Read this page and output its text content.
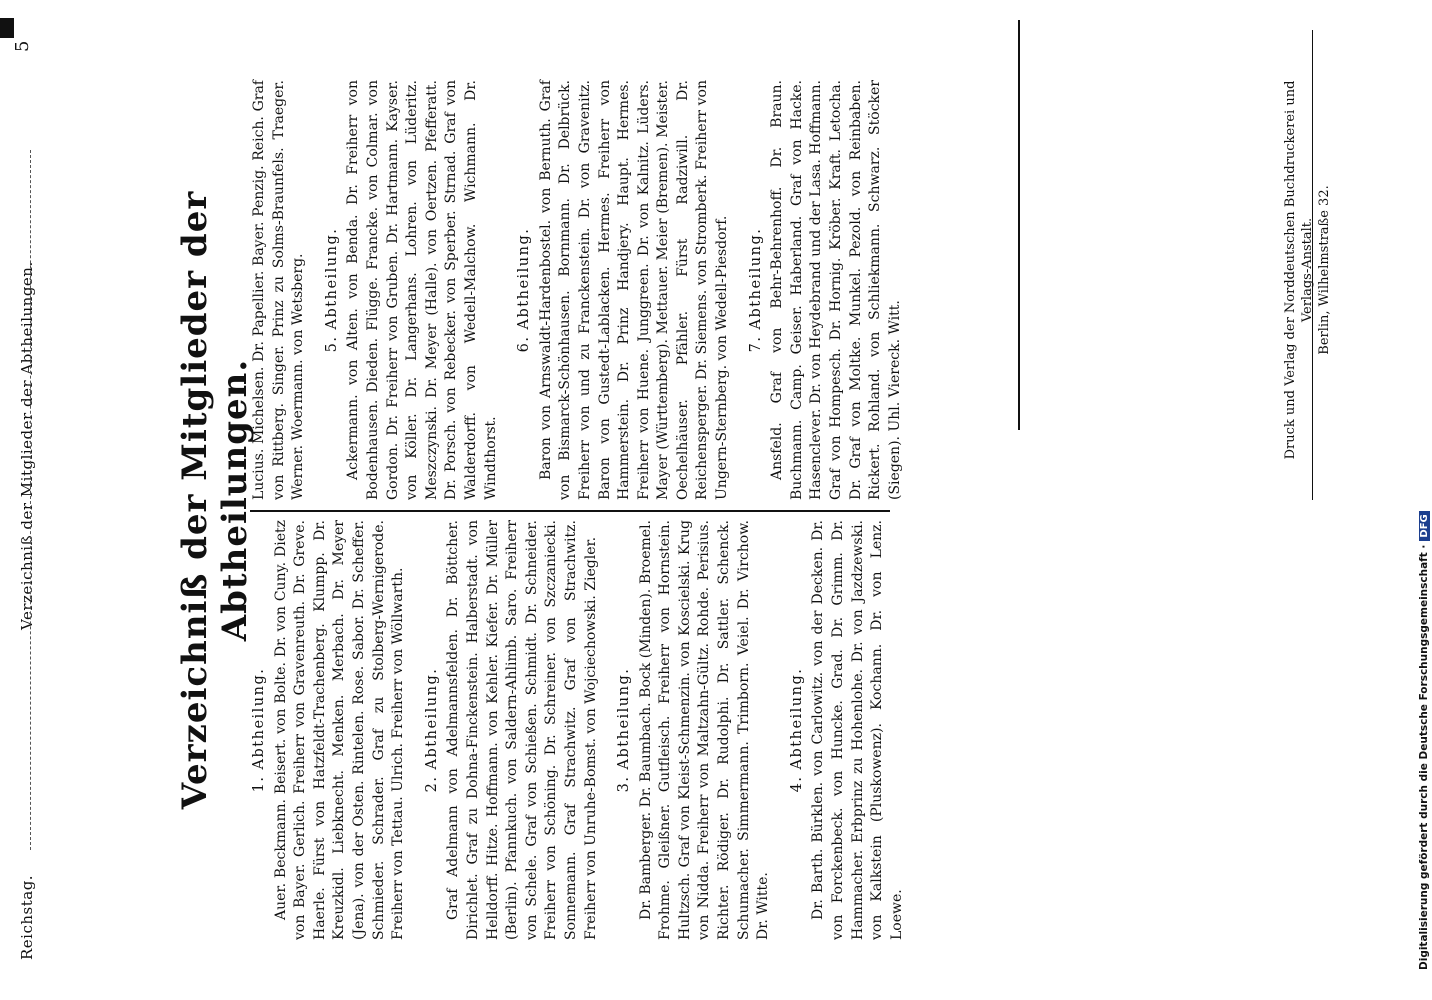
Reichstag.
Verzeichniß der Mitglieder der Abtheilungen.
5
Verzeichniß der Mitglieder der Abtheilungen.
1. Abtheilung. Auer. Beckmann. Beisert. von Bolte. Dr. von Cuny. Dietz von Bayer. Gerlich. Freiherr von Gravenreuth. Dr. Greve. Haerle. Fürst von Hatzfeldt-Trachenberg. Klumpp. Dr. Kreuzkidl. Liebknecht. Menken. Merbach. Dr. Meyer (Jena). von der Osten. Rintelen. Rose. Sabor. Dr. Scheffer. Schmieder. Schrader. Graf zu Stolberg-Wernigerode. Freiherr von Tettau. Ulrich. Freiherr von Wöllwarth. 2. Abtheilung. Graf Adelmann von Adelmannsfelden. Dr. Böttcher. Dirichlet. Graf zu Dohna-Finckenstein. Halberstadt. von Helldorff. Hitze. Hoffmann. von Kehler. Kiefer. Dr. Müller (Berlin). Pfannkuch. von Saldern-Ahlimb. Saro. Freiherr von Schele. Graf von Schießen. Schmidt. Dr. Schneider. Freiherr von Schöning. Dr. Schreiner. von Szczaniecki. Sonnemann. Graf Strachwitz. Graf von Strachwitz. Freiherr von Unruhe-Bomst. von Wojciechowski. Ziegler. 3. Abtheilung. Dr. Bamberger. Dr. Baumbach. Bock (Minden). Broemel. Frohme. Gleißner. Gutfleisch. Freiherr von Hornstein. Hultzsch. Graf von Kleist-Schmenzin. von Koscielski. Krug von Nidda. Freiherr von Maltzahn-Gültz. Rohde. Perisius. Richter. Rödiger. Dr. Rudolphi. Dr. Sattler. Schenck. Schumacher. Simmermann. Trimborn. Veiel. Dr. Virchow. Dr. Witte.
4. Abtheilung. Dr. Barth. Bürklen. von Carlowitz. von der Decken. Dr. von Forckenbeck. von Huncke. Grad. Dr. Grimm. Dr. Hammacher. Erbprinz zu Hohenlohe. Dr. von Jazdzewski. von Kalkstein (Pluskowenz). Kochann. Dr. von Lenz. Loewe.
Lucius. Michelsen. Dr. Papellier. Bayer. Penzig. Reich. Graf von Rittberg. Singer. Prinz zu Solms-Braunfels. Traeger. Werner. Woermann. von Wetsberg. 5. Abtheilung. Ackermann. von Alten. von Benda. Dr. Freiherr von Bodenhausen. Dieden. Flügge. Francke. von Colmar. von Gordon. Dr. Freiherr von Gruben. Dr. Hartmann. Kayser. von Köller. Dr. Langerhans. Lohren. von Lüderitz. Meszczynski. Dr. Meyer (Halle). von Oertzen. Pfefferatt. Dr. Porsch. von Rebecker. von Sperber. Strnad. Graf von Walderdorff. von Wedell-Malchow. Wichmann. Dr. Windthorst.
6. Abtheilung. Baron von Arnswaldt-Hardenbostel. von Bernuth. Graf von Bismarck-Schönhausen. Bornmann. Dr. Delbrück. Freiherr von und zu Franckenstein. Dr. von Gravenitz. Baron von Gustedt-Lablacken. Hermes. Freiherr von Hammerstein. Dr. Prinz Handjery. Haupt. Hermes. Freiherr von Huene. Junggreen. Dr. von Kalnitz. Lüders. Mayer (Württemberg). Mettauer. Meier (Bremen). Meister. Oechelhäuser. Pfähler. Fürst Radziwill. Dr. Reichensperger. Dr. Siemens. von Stromberk. Freiherr von Ungern-Sternberg. von Wedell-Piesdorf. 7. Abtheilung. Ansfeld. Graf von Behr-Behrenhoff. Dr. Braun. Buchmann. Camp. Geiser. Haberland. Graf von Hacke. Hasenclever. Dr. von Heydebrand und der Lasa. Hoffmann. Graf von Hompesch. Dr. Hornig. Kröber. Kraft. Letocha. Dr. Graf von Moltke. Munkel. Pezold. von Reinbaben. Rickert. Rohland. von Schliekmann. Schwarz. Stöcker (Siegen). Uhl. Viereck. Witt.	Druck und Verlag der Norddeutschen Buchdruckerei und Verlags-Anstalt. Berlin, Wilhelmstraße 32.
Digitalisierung gefördert durch die Deutsche Forschungsgemeinschaft ·DFG
